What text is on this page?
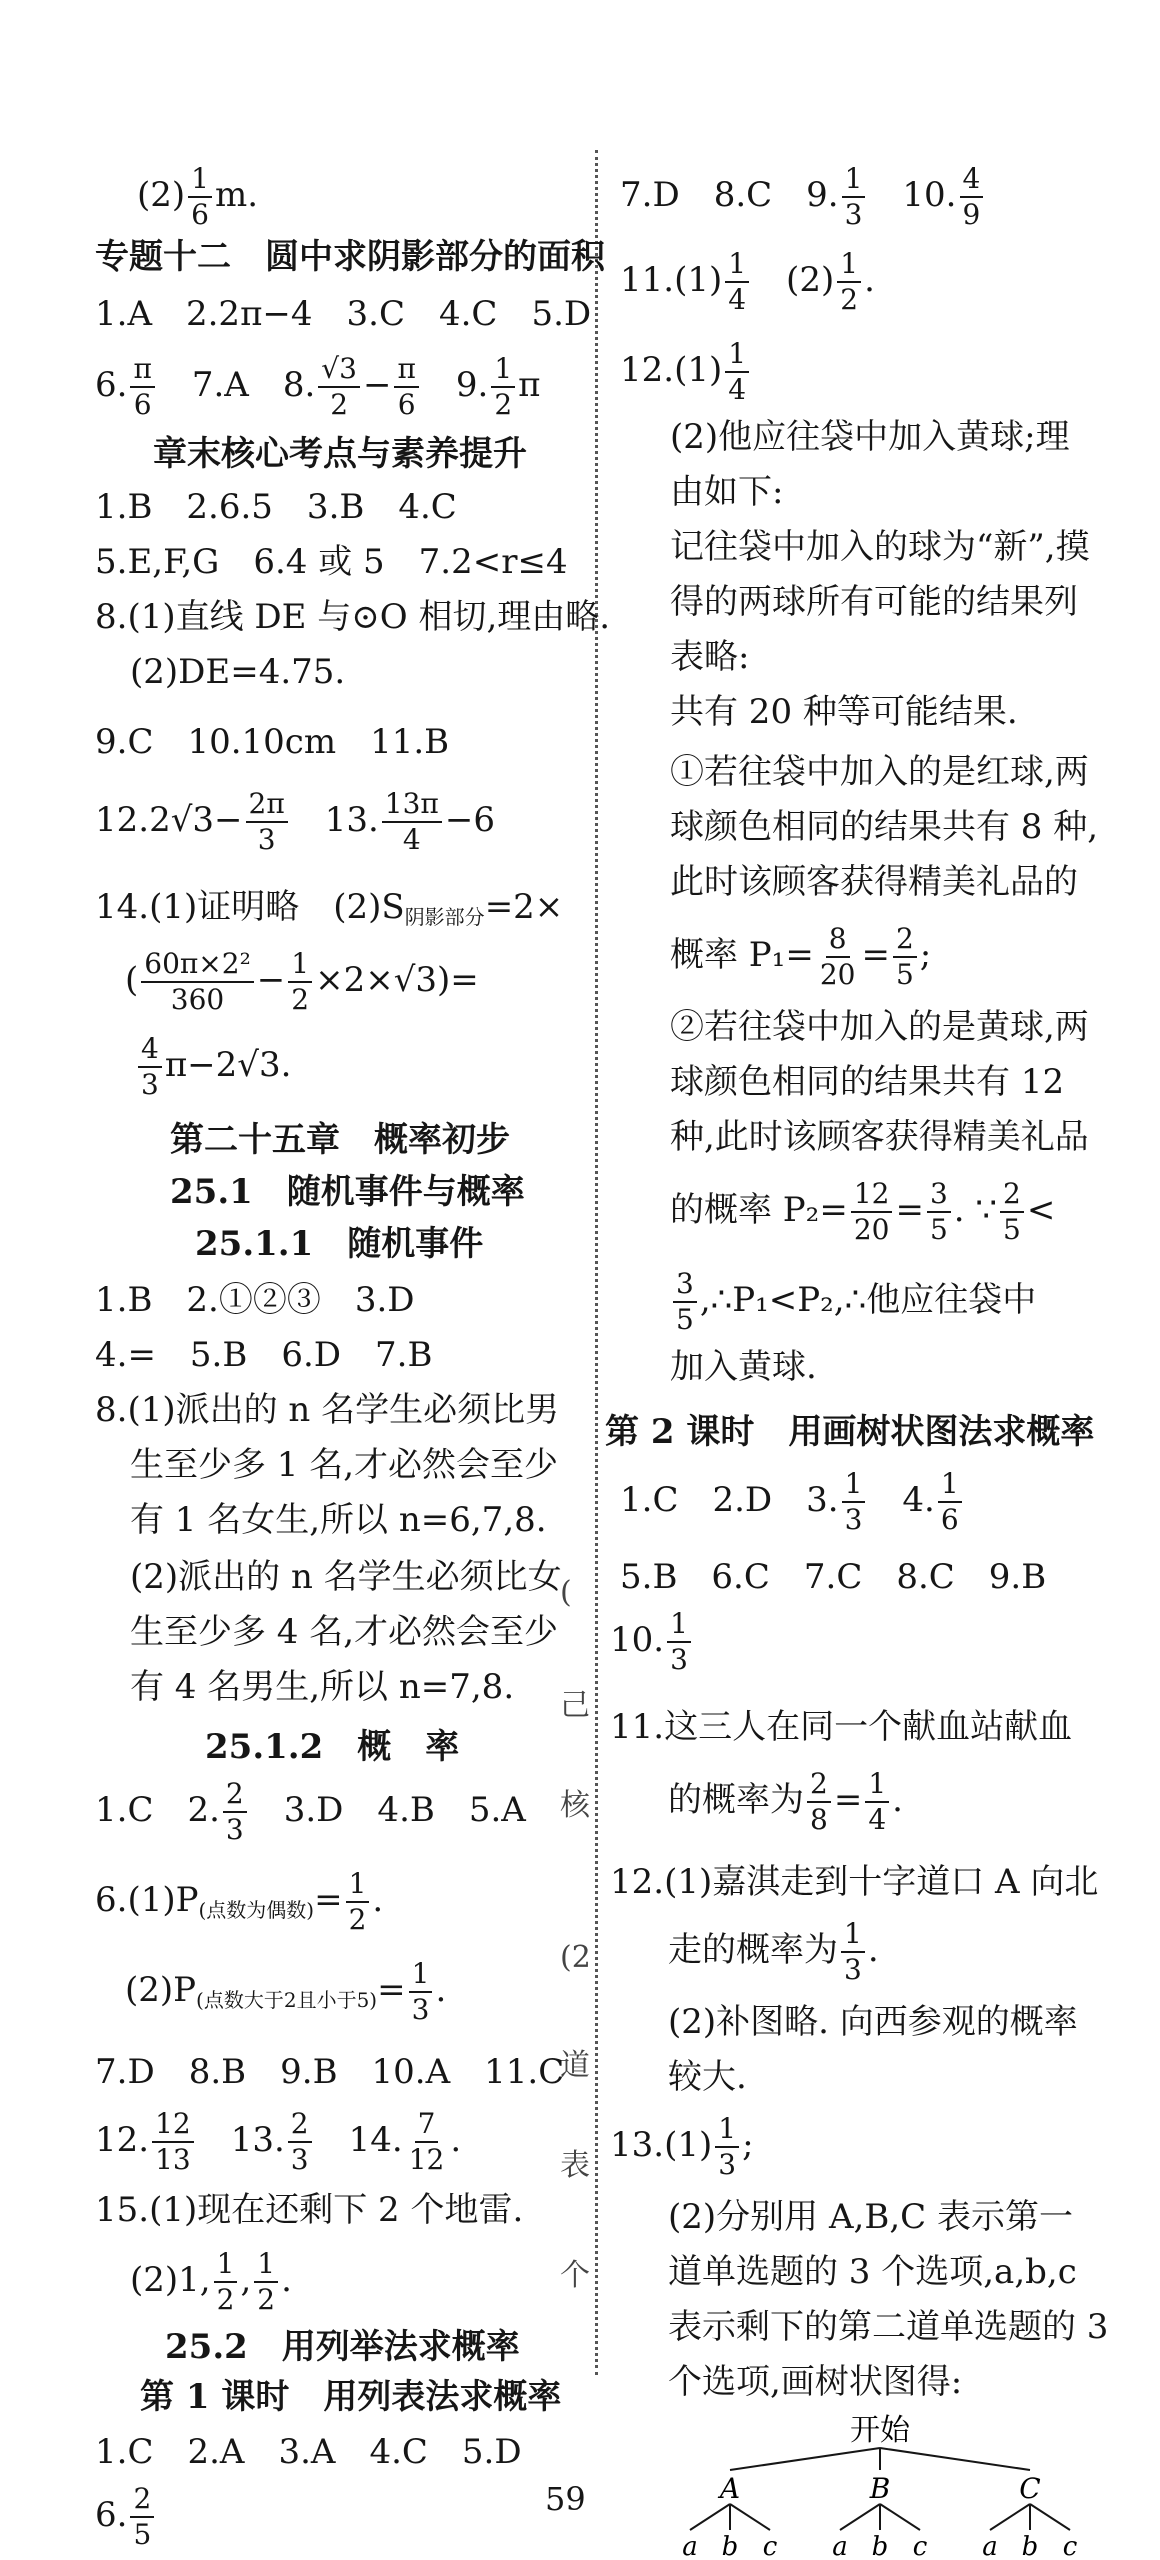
$(2) \frac{1}{6} m$.
专题十二　圆中求阴影部分的面积
1.A　2.2π−4　3.C　4.C　5.D
6. $\frac{\pi}{6}$ 　7.A　8. $\frac{√3}{2} - \frac{\pi}{6}$ 　9. $\frac{1}{2}$ π
章末核心考点与素养提升
1.B　2.6.5　3.B　4.C
5.E,F,G　6.4 或 5　7.2<r≤4
8.(1)直线 DE 与⊙O 相切,理由略.
(2)DE=4.75.
9.C　10.10cm　11.B
$12.2√3- \frac{2\pi}{3}$ 　13. $\frac{13\pi}{4} -6$
14.(1)证明略　$(2)S_{阴影部分}=2\times$
( $\frac{\text{60π×2²}}{360} - \frac{1}{2} \times 2\times√3)=$
$\frac{4}{3} \pi-2√3$.
第二十五章　概率初步
25.1　随机事件与概率
25.1.1　随机事件
1.B　2.①②③　3.D
4.=　5.B　6.D　7.B
8.(1)派出的 n 名学生必须比男
生至少多 1 名,才必然会至少
有 1 名女生,所以 n=6,7,8.
(2)派出的 n 名学生必须比女
生至少多 4 名,才必然会至少
有 4 名男生,所以 n=7,8.
25.1.2　概　率
1.C　2. $\frac{2}{3}$ 　3.D　4.B　5.A
$6.(1)P_{(点数为偶数)}= \frac{1}{2}$ .
$(2)P_{(点数大于2且小于5)}= \frac{1}{3}$ .
7.D　8.B　9.B　10.A　11.C
12. $\frac{12}{13}$ 　13. $\frac{2}{3}$ 　14. $\frac{7}{12}$ .
15.(1)现在还剩下 2 个地雷.
(2)1, $\frac{1}{2}$ , $\frac{1}{2}$ .
25.2　用列举法求概率
第 1 课时　用列表法求概率
1.C　2.A　3.A　4.C　5.D
6. $\frac{2}{5}$
(
己
核
(2
道
表
个
7.D　8.C　9. $\frac{1}{3}$ 　10. $\frac{4}{9}$
$11.(1) \frac{1}{4}$ 　$(2) \frac{1}{2}$ .
$12.(1) \frac{1}{4}$
(2)他应往袋中加入黄球;理
由如下:
记往袋中加入的球为“新”,摸
得的两球所有可能的结果列
表略:
共有 20 种等可能结果.
①若往袋中加入的是红球,两
球颜色相同的结果共有 8 种,
此时该顾客获得精美礼品的
概率 $P_1= \frac{8}{20} = \frac{2}{5}$ ;
②若往袋中加入的是黄球,两
球颜色相同的结果共有 12
种,此时该顾客获得精美礼品
的概率 $P_2= \frac{12}{20} = \frac{3}{5}$ . ∵ $\frac{2}{5}$ <
$\frac{3}{5}$ ,∴P₁<P₂,∴他应往袋中
加入黄球.
第 2 课时　用画树状图法求概率
1.C　2.D　3. $\frac{1}{3}$ 　4. $\frac{1}{6}$
5.B　6.C　7.C　8.C　9.B
10. $\frac{1}{3}$
11.这三人在同一个献血站献血
的概率为 $\frac{2}{8} = \frac{1}{4}$ .
12.(1)嘉淇走到十字道口 A 向北
走的概率为 $\frac{1}{3}$ .
(2)补图略. 向西参观的概率
较大.
$13.(1) \frac{1}{3}$ ;
(2)分别用 A,B,C 表示第一
道单选题的 3 个选项,a,b,c
表示剩下的第二道单选题的 3
个选项,画树状图得:
开始
A	B	C
a b c a b c a b c
59
